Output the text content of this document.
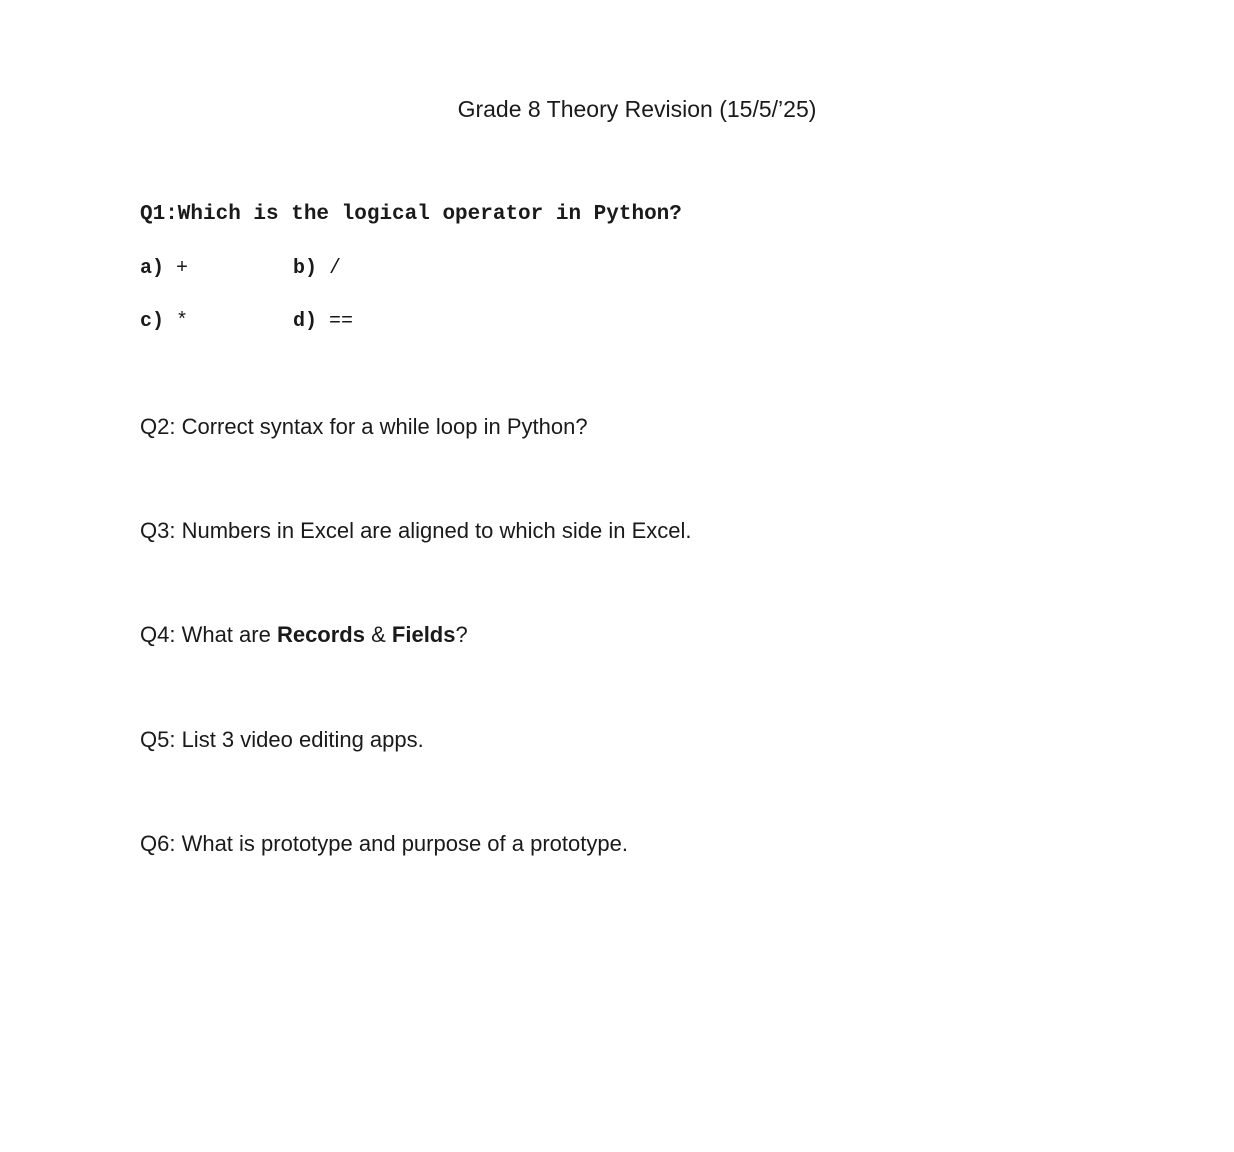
Grade 8 Theory Revision (15/5/’25)
Q1:Which is the logical operator in Python?
a) +	b) /
c) *	d) ==
Q2: Correct syntax for a while loop in Python?
Q3: Numbers in Excel are aligned to which side in Excel.
Q4: What are Records & Fields?
Q5: List 3 video editing apps.
Q6: What is prototype and purpose of a prototype.
